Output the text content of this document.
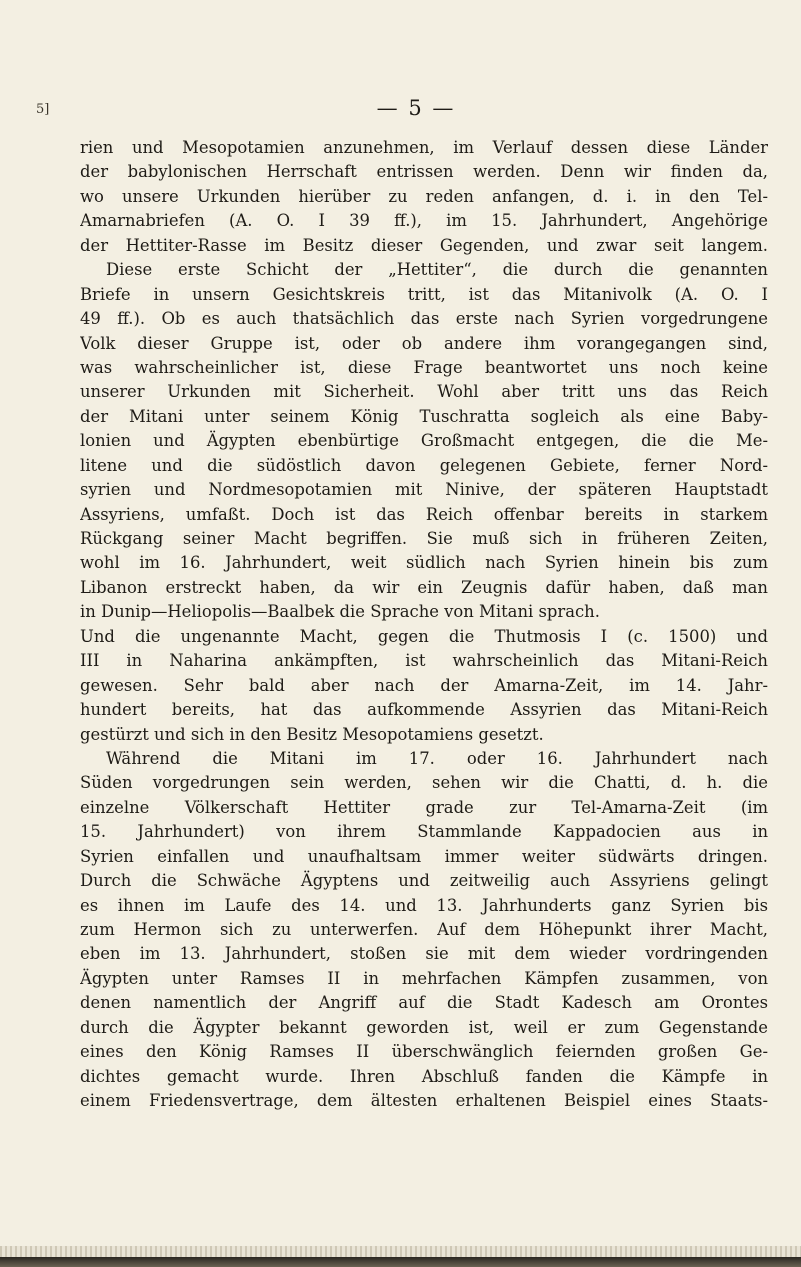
5]	— 5 —
rien und Mesopotamien anzunehmen, im Verlauf dessen diese Länder
der babylonischen Herrschaft entrissen werden. Denn wir finden da,
wo unsere Urkunden hierüber zu reden anfangen, d. i. in den Tel-
Amarnabriefen (A. O. I 39 ff.), im 15. Jahrhundert, Angehörige
der Hettiter-Rasse im Besitz dieser Gegenden, und zwar seit langem.
Diese erste Schicht der „Hettiter“, die durch die genannten
Briefe in unsern Gesichtskreis tritt, ist das Mitanivolk (A. O. I
49 ff.). Ob es auch thatsächlich das erste nach Syrien vorgedrungene
Volk dieser Gruppe ist, oder ob andere ihm vorangegangen sind,
was wahrscheinlicher ist, diese Frage beantwortet uns noch keine
unserer Urkunden mit Sicherheit. Wohl aber tritt uns das Reich
der Mitani unter seinem König Tuschratta sogleich als eine Baby-
lonien und Ägypten ebenbürtige Großmacht entgegen, die die Me-
litene und die südöstlich davon gelegenen Gebiete, ferner Nord-
syrien und Nordmesopotamien mit Ninive, der späteren Hauptstadt
Assyriens, umfaßt. Doch ist das Reich offenbar bereits in starkem
Rückgang seiner Macht begriffen. Sie muß sich in früheren Zeiten,
wohl im 16. Jahrhundert, weit südlich nach Syrien hinein bis zum
Libanon erstreckt haben, da wir ein Zeugnis dafür haben, daß man
in Dunip—Heliopolis—Baalbek die Sprache von Mitani sprach.
Und die ungenannte Macht, gegen die Thutmosis I (c. 1500) und
III in Naharina ankämpften, ist wahrscheinlich das Mitani-Reich
gewesen. Sehr bald aber nach der Amarna-Zeit, im 14. Jahr-
hundert bereits, hat das aufkommende Assyrien das Mitani-Reich
gestürzt und sich in den Besitz Mesopotamiens gesetzt.
Während die Mitani im 17. oder 16. Jahrhundert nach
Süden vorgedrungen sein werden, sehen wir die Chatti, d. h. die
einzelne Völkerschaft Hettiter grade zur Tel-Amarna-Zeit (im
15. Jahrhundert) von ihrem Stammlande Kappadocien aus in
Syrien einfallen und unaufhaltsam immer weiter südwärts dringen.
Durch die Schwäche Ägyptens und zeitweilig auch Assyriens gelingt
es ihnen im Laufe des 14. und 13. Jahrhunderts ganz Syrien bis
zum Hermon sich zu unterwerfen. Auf dem Höhepunkt ihrer Macht,
eben im 13. Jahrhundert, stoßen sie mit dem wieder vordringenden
Ägypten unter Ramses II in mehrfachen Kämpfen zusammen, von
denen namentlich der Angriff auf die Stadt Kadesch am Orontes
durch die Ägypter bekannt geworden ist, weil er zum Gegenstande
eines den König Ramses II überschwänglich feiernden großen Ge-
dichtes gemacht wurde. Ihren Abschluß fanden die Kämpfe in
einem Friedensvertrage, dem ältesten erhaltenen Beispiel eines Staats-
